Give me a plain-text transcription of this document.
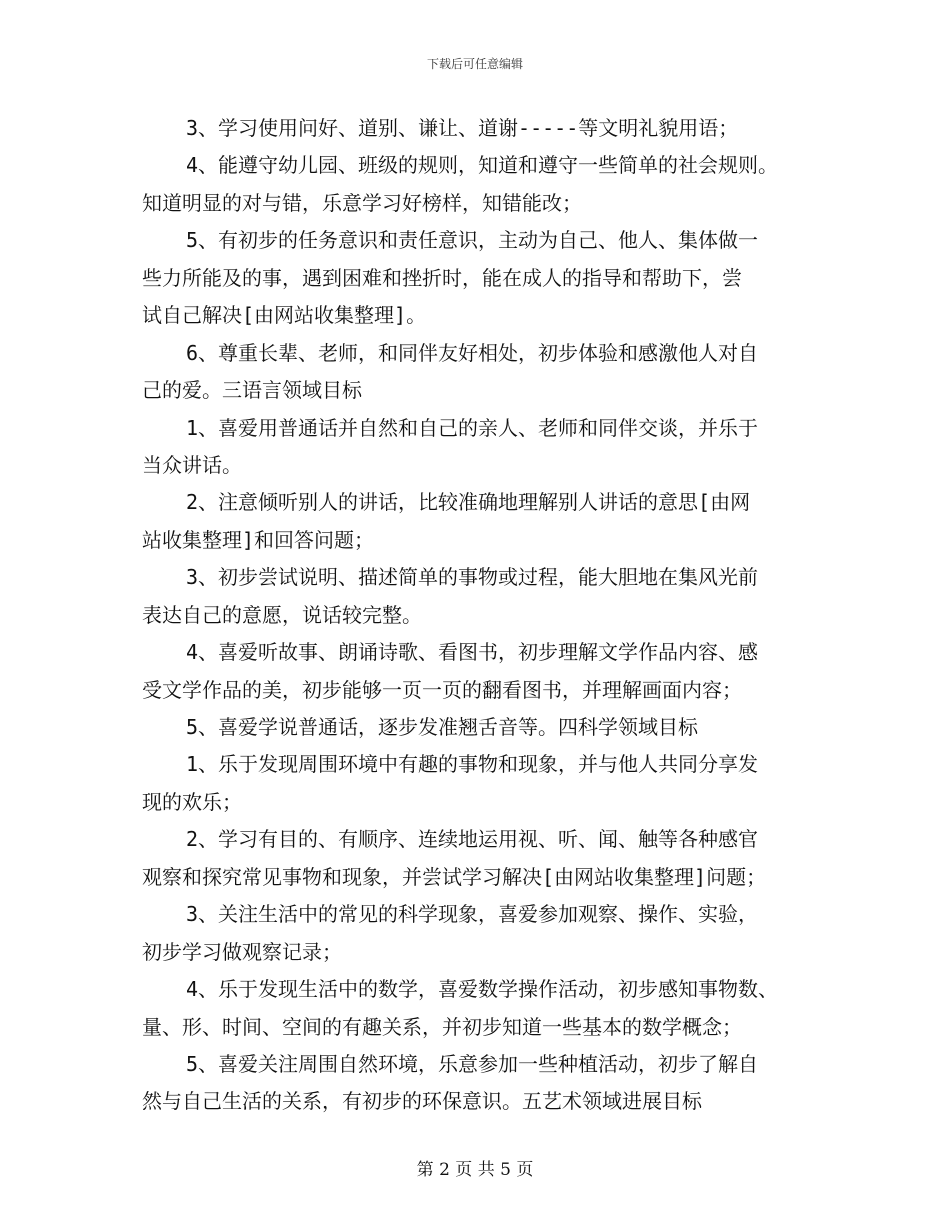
下载后可任意编辑
3、学习使用问好、道别、谦让、道谢-----等文明礼貌用语；
4、能遵守幼儿园、班级的规则，知道和遵守一些简单的社会规则。
知道明显的对与错，乐意学习好榜样，知错能改；
5、有初步的任务意识和责任意识，主动为自己、他人、集体做一
些力所能及的事，遇到困难和挫折时，能在成人的指导和帮助下，尝
试自己解决[由网站收集整理]。
6、尊重长辈、老师，和同伴友好相处，初步体验和感激他人对自
己的爱。三语言领域目标
1、喜爱用普通话并自然和自己的亲人、老师和同伴交谈，并乐于
当众讲话。
2、注意倾听别人的讲话，比较准确地理解别人讲话的意思[由网
站收集整理]和回答问题；
3、初步尝试说明、描述简单的事物或过程，能大胆地在集风光前
表达自己的意愿，说话较完整。
4、喜爱听故事、朗诵诗歌、看图书，初步理解文学作品内容、感
受文学作品的美，初步能够一页一页的翻看图书，并理解画面内容；
5、喜爱学说普通话，逐步发准翘舌音等。四科学领域目标
1、乐于发现周围环境中有趣的事物和现象，并与他人共同分享发
现的欢乐；
2、学习有目的、有顺序、连续地运用视、听、闻、触等各种感官
观察和探究常见事物和现象，并尝试学习解决[由网站收集整理]问题；
3、关注生活中的常见的科学现象，喜爱参加观察、操作、实验，
初步学习做观察记录；
4、乐于发现生活中的数学，喜爱数学操作活动，初步感知事物数、
量、形、时间、空间的有趣关系，并初步知道一些基本的数学概念；
5、喜爱关注周围自然环境，乐意参加一些种植活动，初步了解自
然与自己生活的关系，有初步的环保意识。五艺术领域进展目标
第 2 页 共 5 页
